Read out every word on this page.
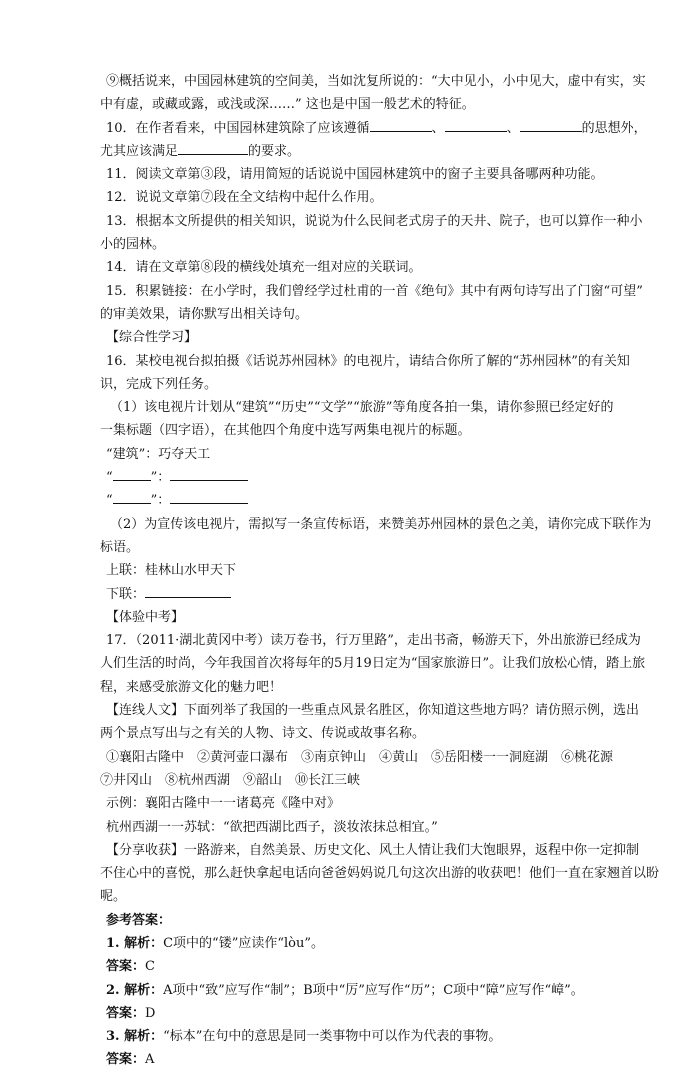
⑨概括说来，中国园林建筑的空间美，当如沈复所说的：“大中见小，小中见大，虚中有实，实
中有虚，或藏或露，或浅或深……” 这也是中国一般艺术的特征。
10．在作者看来，中国园林建筑除了应该遵循	、	、	的思想外，
尤其应该满足	的要求。
11．阅读文章第③段，请用简短的话说说中国园林建筑中的窗子主要具备哪两种功能。
12．说说文章第⑦段在全文结构中起什么作用。
13．根据本文所提供的相关知识，说说为什么民间老式房子的天井、院子，也可以算作一种小
小的园林。
14．请在文章第⑧段的横线处填充一组对应的关联词。
15．积累链接：在小学时，我们曾经学过杜甫的一首《绝句》其中有两句诗写出了门窗“可望”
的审美效果，请你默写出相关诗句。
【综合性学习】
16．某校电视台拟拍摄《话说苏州园林》的电视片，请结合你所了解的“苏州园林”的有关知
识，完成下列任务。
（1）该电视片计划从“建筑”“历史”“文学”“旅游”等角度各拍一集，请你参照已经定好的
一集标题（四字语），在其他四个角度中选写两集电视片的标题。
“建筑”：巧夺天工
“	”：
“	”：
（2）为宣传该电视片，需拟写一条宣传标语，来赞美苏州园林的景色之美，请你完成下联作为
标语。
上联：桂林山水甲天下
下联：
【体验中考】
17．（2011·湖北黄冈中考）读万卷书，行万里路”，走出书斋，畅游天下，外出旅游已经成为
人们生活的时尚，今年我国首次将每年的5月19日定为“国家旅游日”。让我们放松心情，踏上旅
程，来感受旅游文化的魅力吧！
【连线人文】下面列举了我国的一些重点风景名胜区，你知道这些地方吗？请仿照示例，选出
两个景点写出与之有关的人物、诗文、传说或故事名称。
①襄阳古隆中　②黄河壶口瀑布　③南京钟山　④黄山　⑤岳阳楼一一洞庭湖　⑥桃花源
⑦井冈山　⑧杭州西湖　⑨韶山　⑩长江三峡
示例：襄阳古隆中一一诸葛亮《隆中对》
杭州西湖一一苏轼：“欲把西湖比西子，淡妆浓抹总相宜。”
【分享收获】一路游来，自然美景、历史文化、风土人情让我们大饱眼界，返程中你一定抑制
不住心中的喜悦，那么赶快拿起电话向爸爸妈妈说几句这次出游的收获吧！他们一直在家翘首以盼
呢。
参考答案：
1. 解析：C项中的“镂”应读作“lòu”。
答案：C
2. 解析：A项中“致”应写作“制”；B项中“厉”应写作“历”；C项中“障”应写作“嶂”。
答案：D
3. 解析：“标本”在句中的意思是同一类事物中可以作为代表的事物。
答案：A
